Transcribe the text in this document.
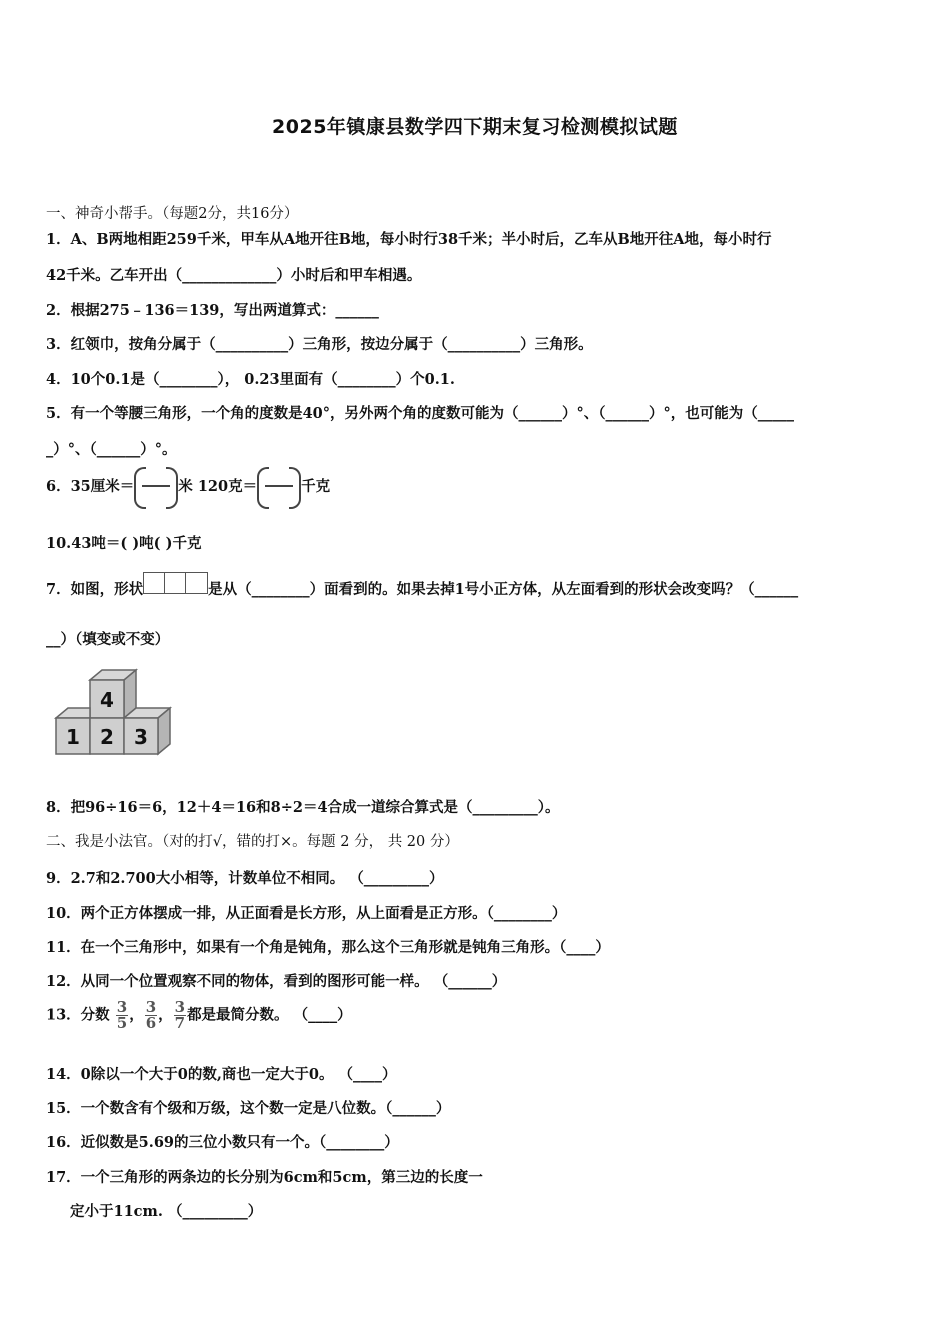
2025年镇康县数学四下期末复习检测模拟试题
一、神奇小帮手。（每题2分，共16分）
1．A、B两地相距259千米，甲车从A地开往B地，每小时行38千米；半小时后，乙车从B地开往A地，每小时行
42千米。乙车开出（_____________）小时后和甲车相遇。
2．根据275﹣136＝139，写出两道算式：______
3．红领巾，按角分属于（__________）三角形，按边分属于（__________）三角形。
4．10个0.1是（________）， 0.23里面有（________）个0.1.
5．有一个等腰三角形，一个角的度数是40°，另外两个角的度数可能为（______）°、（______）°，也可能为（_____
_）°、（______）°。
6．35厘米＝	米 120克＝	千克
10.43吨＝( )吨( )千克
7．如图，形状	是从（________）面看到的。如果去掉1号小正方体，从左面看到的形状会改变吗？（______
__）（填变或不变）
4
1 2 3
8．把96÷16＝6，12＋4＝16和8÷2＝4合成一道综合算式是（_________）。
二、我是小法官。（对的打√，错的打×。每题 2 分， 共 20 分）
9．2.7和2.700大小相等，计数单位不相同。 （_________）
10．两个正方体摆成一排，从正面看是长方形，从上面看是正方形。（________）
11．在一个三角形中，如果有一个角是钝角，那么这个三角形就是钝角三角形。（____）
12．从同一个位置观察不同的物体，看到的图形可能一样。 （______）
13．分数 $\frac{3}{5}$ ， $\frac{3}{6}$ ， $\frac{3}{7}$ 都是最简分数。 （____）
14．0除以一个大于0的数,商也一定大于0。 （____）
15．一个数含有个级和万级，这个数一定是八位数。（______）
16．近似数是5.69的三位小数只有一个。（________）
17．一个三角形的两条边的长分别为6cm和5cm，第三边的长度一
定小于11cm. （_________）
